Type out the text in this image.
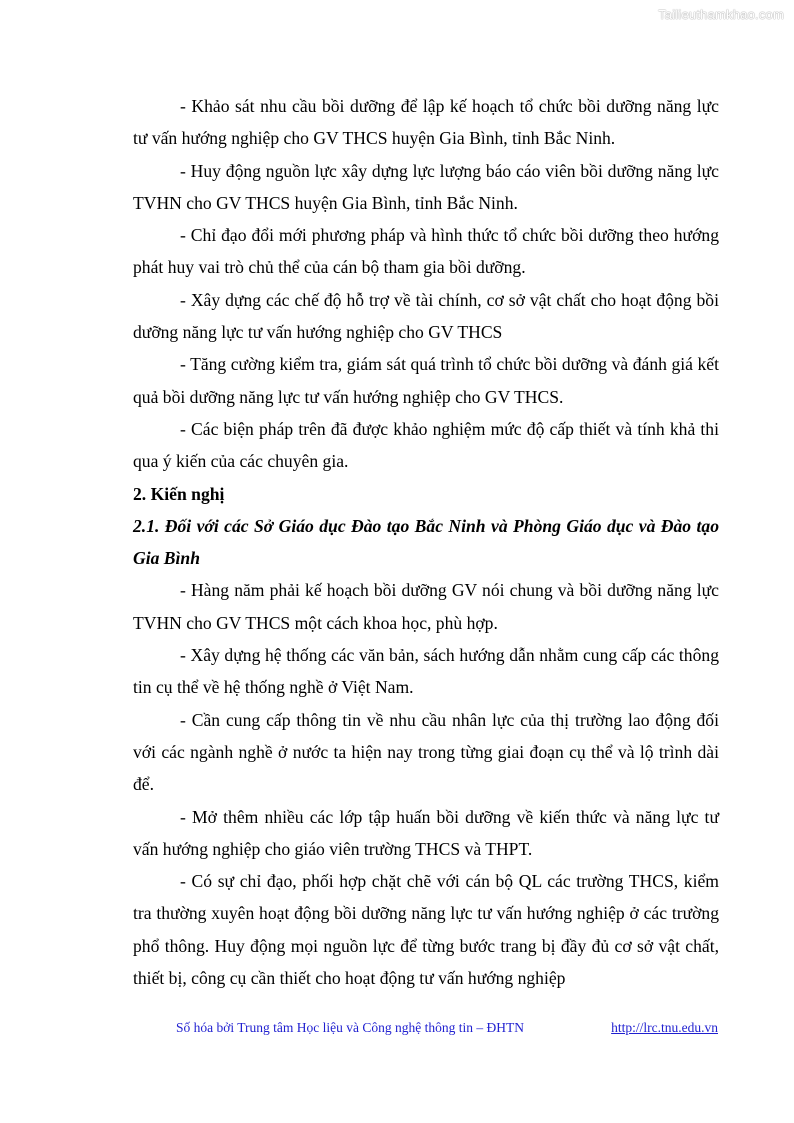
Tailieuthamkhao.com

- Khảo sát nhu cầu bồi dưỡng để lập kế hoạch tổ chức bồi dưỡng năng lực tư vấn hướng nghiệp cho GV THCS huyện Gia Bình, tỉnh Bắc Ninh.

- Huy động nguồn lực xây dựng lực lượng báo cáo viên bồi dưỡng năng lực TVHN cho GV THCS huyện Gia Bình, tỉnh Bắc Ninh.

- Chỉ đạo đổi mới phương pháp và hình thức tổ chức bồi dưỡng theo hướng phát huy vai trò chủ thể của cán bộ tham gia bồi dưỡng.

- Xây dựng các chế độ hỗ trợ về tài chính, cơ sở vật chất cho hoạt động bồi dưỡng năng lực tư vấn hướng nghiệp cho GV THCS

- Tăng cường kiểm tra, giám sát quá trình tổ chức bồi dưỡng và đánh giá kết quả bồi dưỡng năng lực tư vấn hướng nghiệp cho GV THCS.

- Các biện pháp trên đã được khảo nghiệm mức độ cấp thiết và tính khả thi qua ý kiến của các chuyên gia.

2. Kiến nghị

2.1. Đối với các Sở Giáo dục Đào tạo Bắc Ninh và Phòng Giáo dục và Đào tạo Gia Bình

- Hàng năm phải kế hoạch bồi dưỡng GV nói chung và bồi dưỡng năng lực TVHN cho GV THCS một cách khoa học, phù hợp.

- Xây dựng hệ thống các văn bản, sách hướng dẫn nhằm cung cấp các thông tin cụ thể về hệ thống nghề ở Việt Nam.

- Cần cung cấp thông tin về nhu cầu nhân lực của thị trường lao động đối với các ngành nghề ở nước ta hiện nay trong từng giai đoạn cụ thể và lộ trình dài để.

- Mở thêm nhiều các lớp tập huấn bồi dưỡng về kiến thức và năng lực tư vấn hướng nghiệp cho giáo viên trường THCS và THPT.

- Có sự chỉ đạo, phối hợp chặt chẽ với cán bộ QL các trường THCS, kiểm tra thường xuyên hoạt động bồi dưỡng năng lực tư vấn hướng nghiệp ở các trường phổ thông. Huy động mọi nguồn lực để từng bước trang bị đầy đủ cơ sở vật chất, thiết bị, công cụ cần thiết cho hoạt động tư vấn hướng nghiệp

Số hóa bởi Trung tâm Học liệu và Công nghệ thông tin – ĐHTN	http://lrc.tnu.edu.vn
